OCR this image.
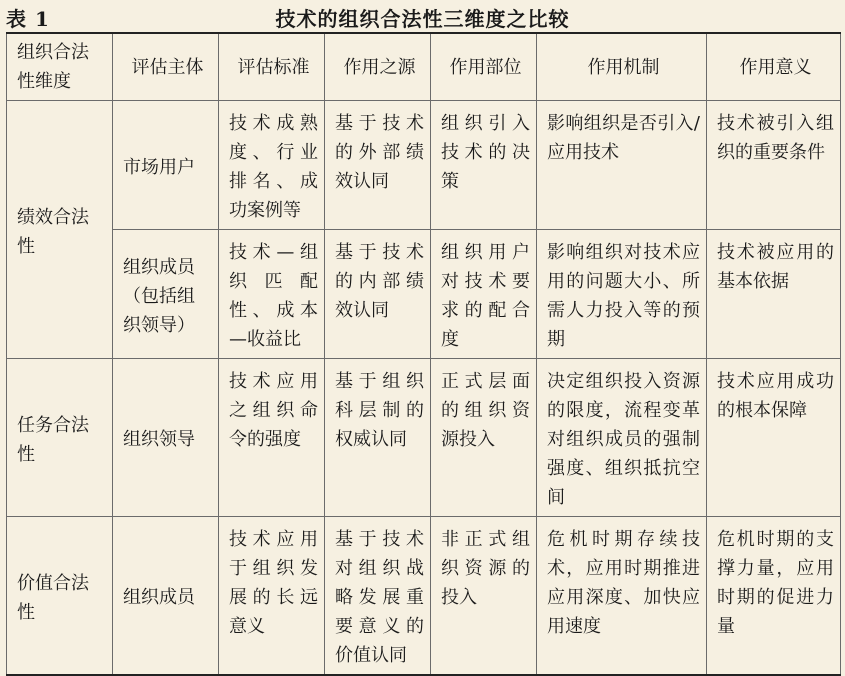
表 1	技术的组织合法性三维度之比较
组织合法性维度	评估主体	评估标准	作用之源	作用部位	作用机制	作用意义
绩效合法性	市场用户	技术成熟度、行业排名、成功案例等	基于技术的外部绩效认同	组织引入技术的决策	影响组织是否引入/应用技术	技术被引入组织的重要条件
	组织成员（包括组织领导）	技术—组织匹配性、成本—收益比	基于技术的内部绩效认同	组织用户对技术要求的配合度	影响组织对技术应用的问题大小、所需人力投入等的预期	技术被应用的基本依据
任务合法性	组织领导	技术应用之组织命令的强度	基于组织科层制的权威认同	正式层面的组织资源投入	决定组织投入资源的限度，流程变革对组织成员的强制强度、组织抵抗空间	技术应用成功的根本保障
价值合法性	组织成员	技术应用于组织发展的长远意义	基于技术对组织战略发展重要意义的价值认同	非正式组织资源的投入	危机时期存续技术，应用时期推进应用深度、加快应用速度	危机时期的支撑力量，应用时期的促进力量
